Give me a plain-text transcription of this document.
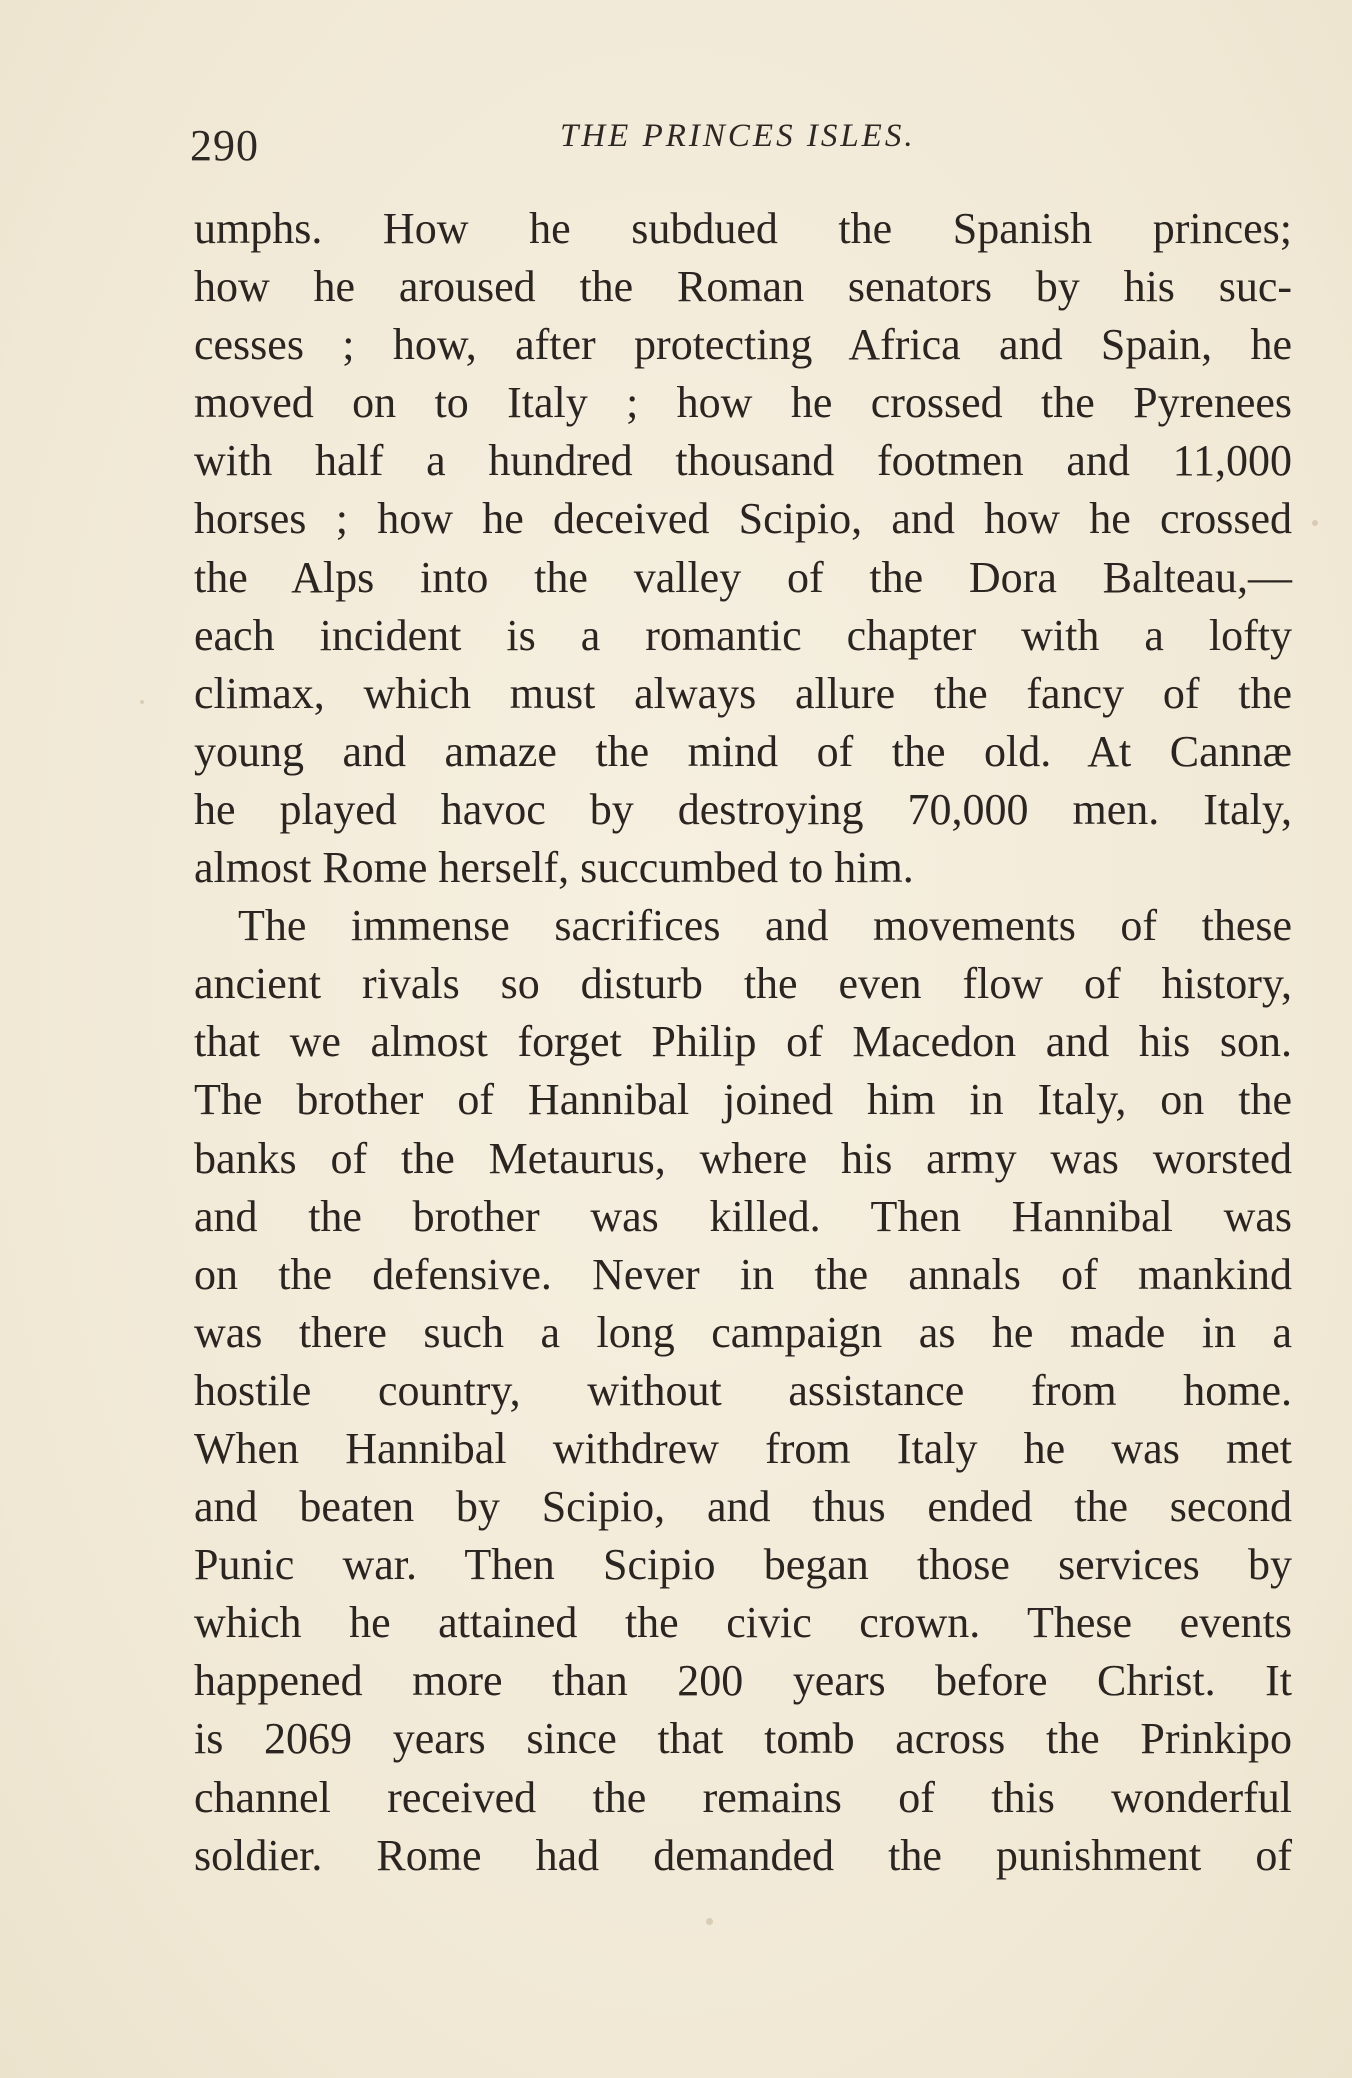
290	THE PRINCES ISLES.
umphs. How he subdued the Spanish princes;
how he aroused the Roman senators by his suc-
cesses ; how, after protecting Africa and Spain, he
moved on to Italy ; how he crossed the Pyrenees
with half a hundred thousand footmen and 11,000
horses ; how he deceived Scipio, and how he crossed
the Alps into the valley of the Dora Balteau,—
each incident is a romantic chapter with a lofty
climax, which must always allure the fancy of the
young and amaze the mind of the old. At Cannæ
he played havoc by destroying 70,000 men. Italy,
almost Rome herself, succumbed to him.
The immense sacrifices and movements of these
ancient rivals so disturb the even flow of history,
that we almost forget Philip of Macedon and his son.
The brother of Hannibal joined him in Italy, on the
banks of the Metaurus, where his army was worsted
and the brother was killed. Then Hannibal was
on the defensive. Never in the annals of mankind
was there such a long campaign as he made in a
hostile country, without assistance from home.
When Hannibal withdrew from Italy he was met
and beaten by Scipio, and thus ended the second
Punic war. Then Scipio began those services by
which he attained the civic crown. These events
happened more than 200 years before Christ. It
is 2069 years since that tomb across the Prinkipo
channel received the remains of this wonderful
soldier. Rome had demanded the punishment of
